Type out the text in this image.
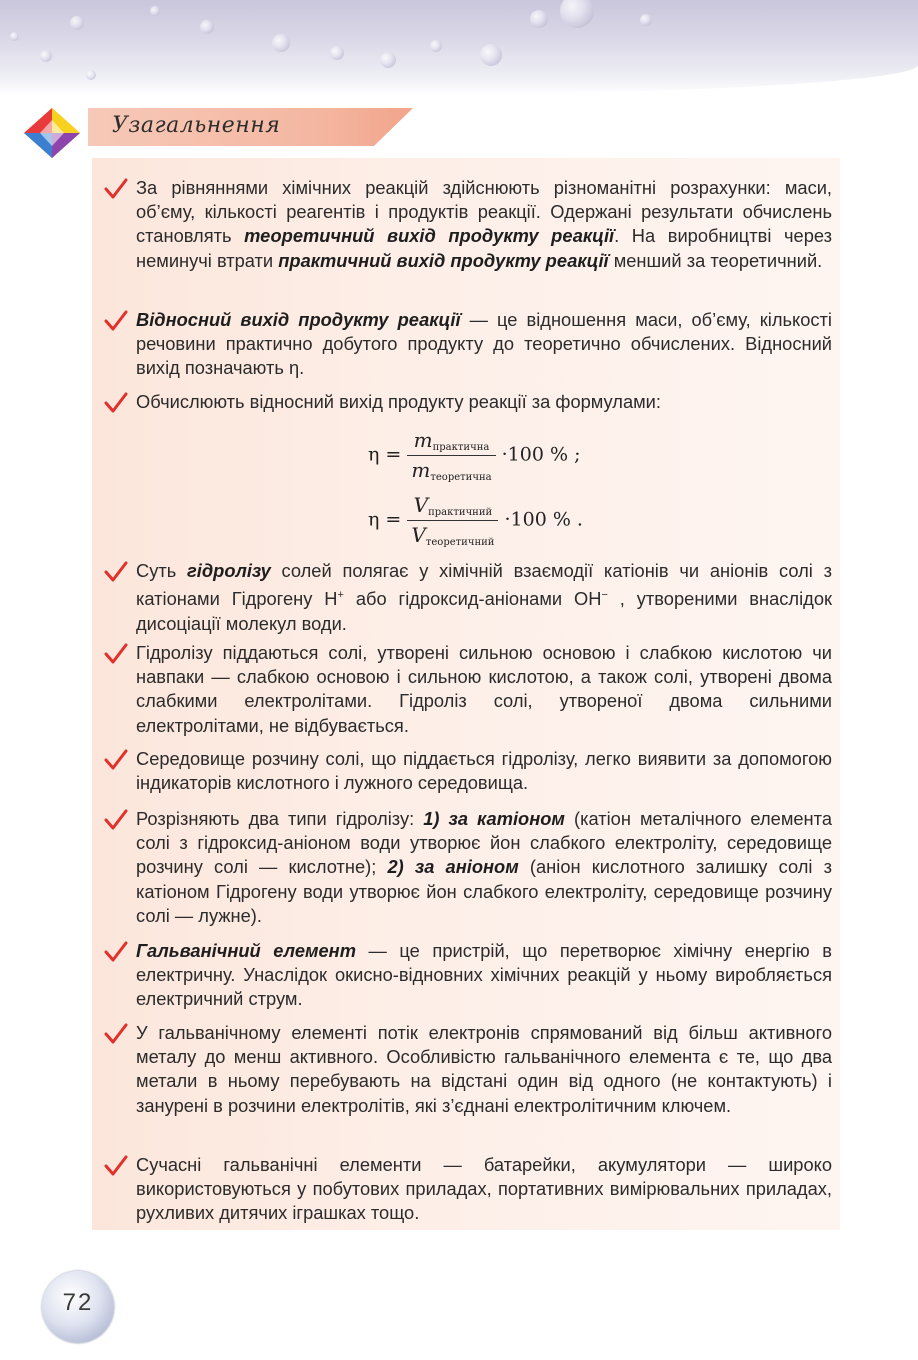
Узагальнення

За рівняннями хімічних реакцій здійснюють різноманітні розрахунки: маси, об’єму, кількості реагентів і продуктів реакції. Одержані результати обчислень становлять теоретичний вихід продукту реакції. На виробництві через неминучі втрати практичний вихід продукту реакції менший за теоретичний.

Відносний вихід продукту реакції — це відношення маси, об’єму, кількості речовини практично добутого продукту до теоретично обчислених. Відносний вихід позначають η.

Обчислюють відносний вихід продукту реакції за формулами:

$\eta = \frac{m_{практична}}{m_{теоретична}} \cdot 100$ % ;
$\eta = \frac{V_{практичний}}{V_{теоретичний}} \cdot 100$ % .

Суть гідролізу солей полягає у хімічній взаємодії катіонів чи аніонів солі з катіонами Гідрогену H+ або гідроксид-аніонами OH− , утвореними внаслідок дисоціації молекул води.

Гідролізу піддаються солі, утворені сильною основою і слабкою кислотою чи навпаки — слабкою основою і сильною кислотою, а також солі, утворені двома слабкими електролітами. Гідроліз солі, утвореної двома сильними електролітами, не відбувається.

Середовище розчину солі, що піддається гідролізу, легко виявити за допомогою індикаторів кислотного і лужного середовища.

Розрізняють два типи гідролізу: 1) за катіоном (катіон металічного елемента солі з гідроксид-аніоном води утворює йон слабкого електроліту, середовище розчину солі — кислотне); 2) за аніоном (аніон кислотного залишку солі з катіоном Гідрогену води утворює йон слабкого електроліту, середовище розчину солі — лужне).

Гальванічний елемент — це пристрій, що перетворює хімічну енергію в електричну. Унаслідок окисно-відновних хімічних реакцій у ньому виробляється електричний струм.

У гальванічному елементі потік електронів спрямований від більш активного металу до менш активного. Особливістю гальванічного елемента є те, що два метали в ньому перебувають на відстані один від одного (не контактують) і занурені в розчини електролітів, які з’єднані електролітичним ключем.

Сучасні гальванічні елементи — батарейки, акумулятори — широко використовуються у побутових приладах, портативних вимірювальних приладах, рухливих дитячих іграшках тощо.

72
